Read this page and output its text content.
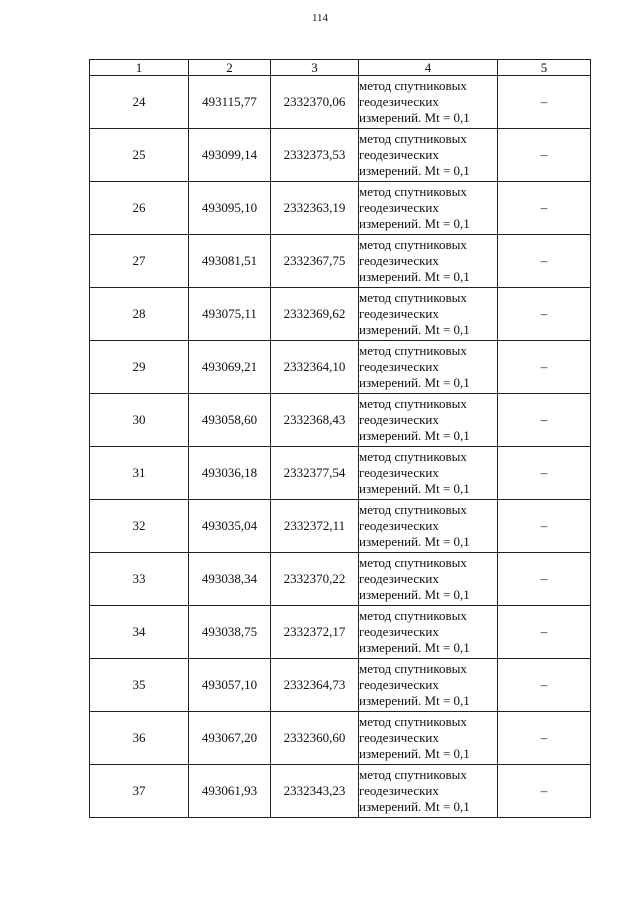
114
1	2	3	4	5
24	493115,77	2332370,06	метод спутниковых
геодезических
измерений. Mt = 0,1	–
25	493099,14	2332373,53	метод спутниковых
геодезических
измерений. Mt = 0,1	–
26	493095,10	2332363,19	метод спутниковых
геодезических
измерений. Mt = 0,1	–
27	493081,51	2332367,75	метод спутниковых
геодезических
измерений. Mt = 0,1	–
28	493075,11	2332369,62	метод спутниковых
геодезических
измерений. Mt = 0,1	–
29	493069,21	2332364,10	метод спутниковых
геодезических
измерений. Mt = 0,1	–
30	493058,60	2332368,43	метод спутниковых
геодезических
измерений. Mt = 0,1	–
31	493036,18	2332377,54	метод спутниковых
геодезических
измерений. Mt = 0,1	–
32	493035,04	2332372,11	метод спутниковых
геодезических
измерений. Mt = 0,1	–
33	493038,34	2332370,22	метод спутниковых
геодезических
измерений. Mt = 0,1	–
34	493038,75	2332372,17	метод спутниковых
геодезических
измерений. Mt = 0,1	–
35	493057,10	2332364,73	метод спутниковых
геодезических
измерений. Mt = 0,1	–
36	493067,20	2332360,60	метод спутниковых
геодезических
измерений. Mt = 0,1	–
37	493061,93	2332343,23	метод спутниковых
геодезических
измерений. Mt = 0,1	–
